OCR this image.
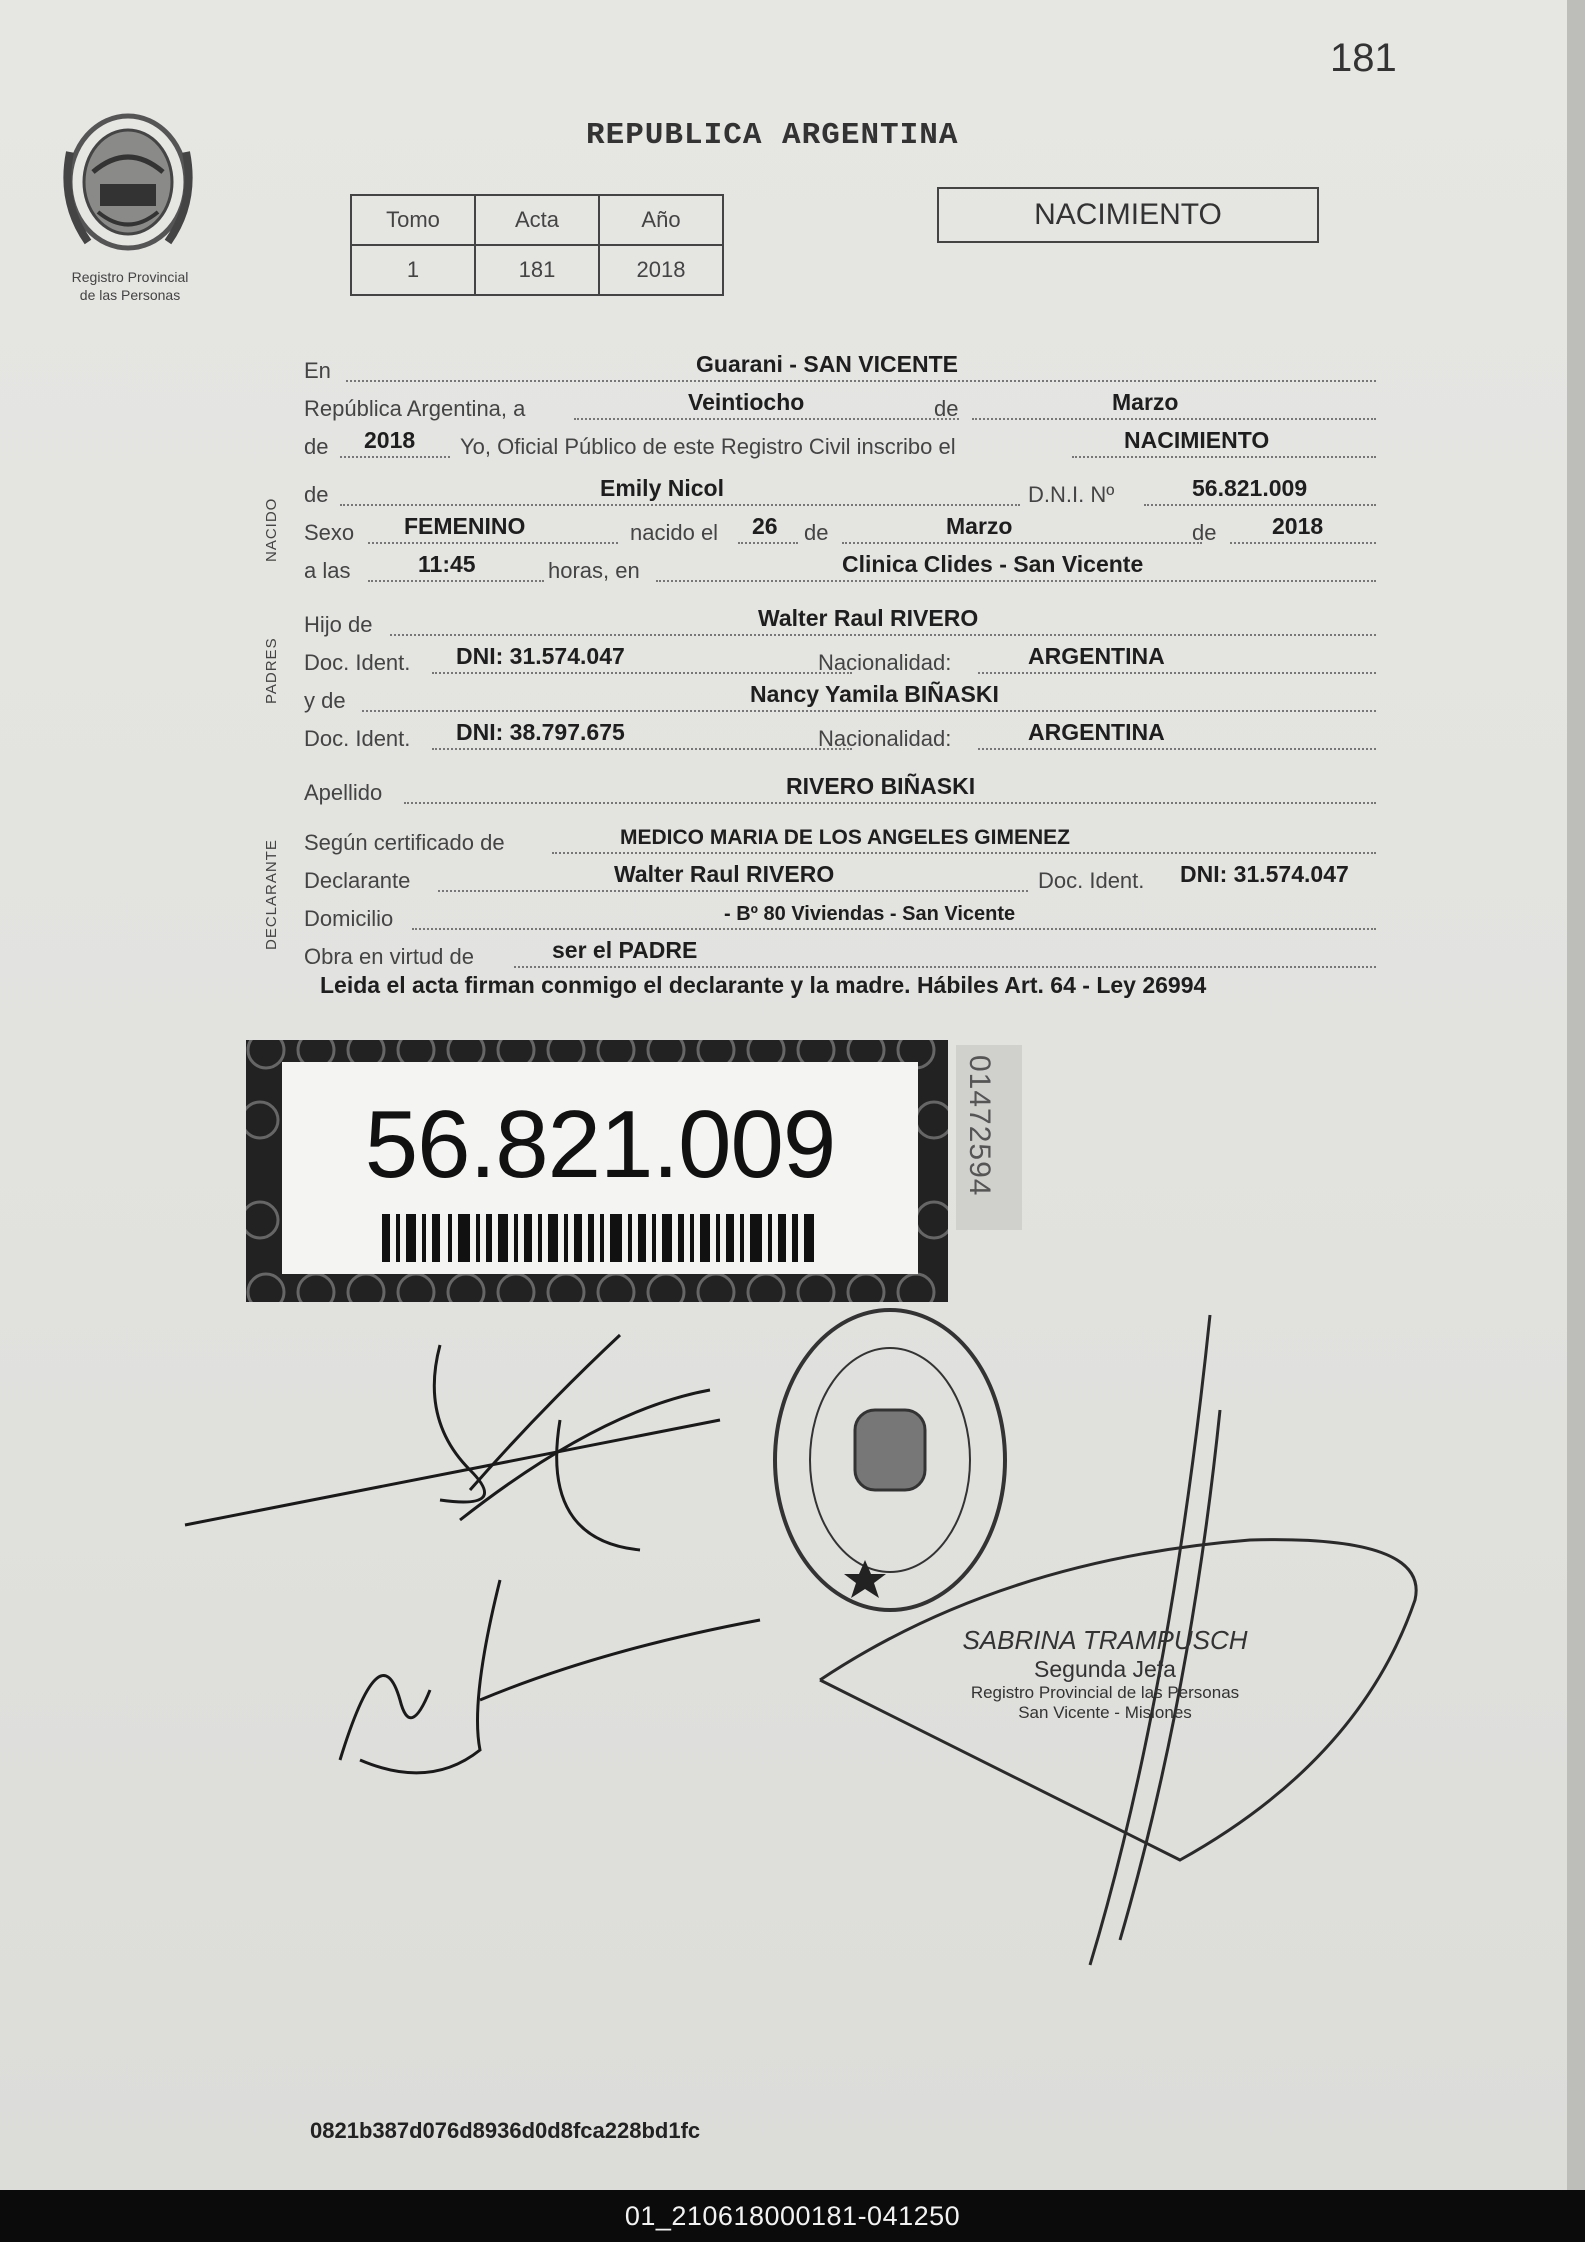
181
REPUBLICA ARGENTINA
Registro Provincial
de las Personas
Tomo	Acta	Año
1	181	2018
NACIMIENTO
NACIDO
PADRES
DECLARANTE
En	Guarani - SAN VICENTE
República Argentina, a	Veintiocho	de	Marzo
de 2018 Yo, Oficial Público de este Registro Civil inscribo el	NACIMIENTO
de	Emily Nicol	D.N.I. Nº	56.821.009
Sexo FEMENINO	nacido el 26 de	Marzo	de 2018
a las	11:45	horas, en	Clinica Clides - San Vicente
Hijo de	Walter Raul RIVERO
Doc. Ident. DNI: 31.574.047	Nacionalidad:	ARGENTINA
y de	Nancy Yamila BIÑASKI
Doc. Ident. DNI: 38.797.675	Nacionalidad:	ARGENTINA
Apellido	RIVERO BIÑASKI
Según certificado de	MEDICO MARIA DE LOS ANGELES GIMENEZ
Declarante	Walter Raul RIVERO	Doc. Ident. DNI: 31.574.047
Domicilio	- Bº 80 Viviendas - San Vicente
Obra en virtud de	ser el PADRE
Leida el acta firman conmigo el declarante y la madre. Hábiles Art. 64 - Ley 26994
56.821.009	01472594
SABRINA TRAMPUSCH
Segunda Jefa
Registro Provincial de las Personas
San Vicente - Misiones
0821b387d076d8936d0d8fca228bd1fc
01_210618000181-041250
